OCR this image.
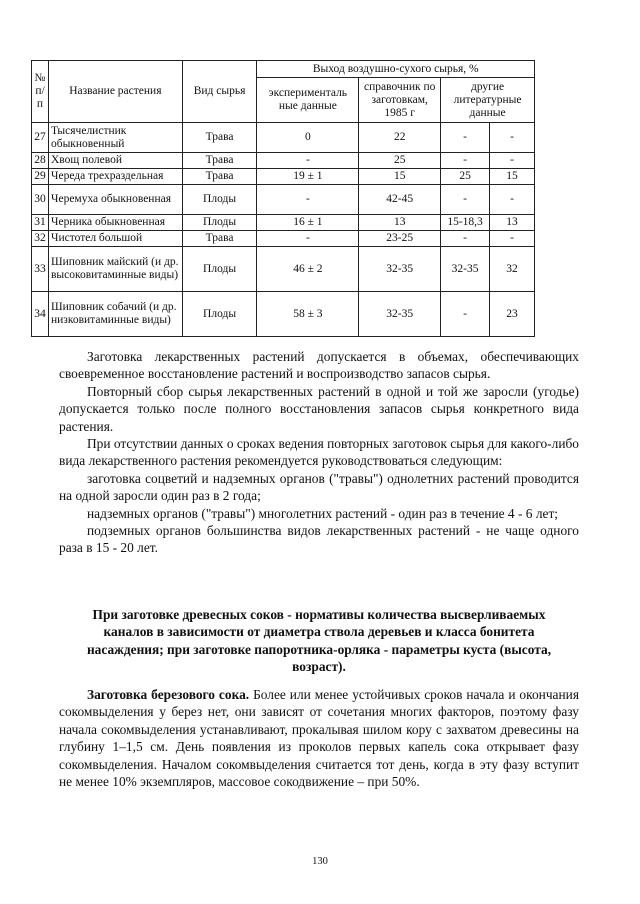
№ п/п	Название растения	Вид сырья	Выход воздушно-сухого сырья, %			
			эксперименталь ные данные	справочник по заготовкам, 1985 г	другие литературные данные	
27	Тысячелистник обыкновенный	Трава	0	22	-	-
28	Хвощ полевой	Трава	-	25	-	-
29	Череда трехраздельная	Трава	19 ± 1	15	25	15
30	Черемуха обыкновенная	Плоды	-	42-45	-	-
31	Черника обыкновенная	Плоды	16 ± 1	13	15-18,3	13
32	Чистотел большой	Трава	-	23-25	-	-
33	Шиповник майский (и др. высоковитаминные виды)	Плоды	46 ± 2	32-35	32-35	32
34	Шиповник собачий (и др. низковитаминные виды)	Плоды	58 ± 3	32-35	-	23

Заготовка лекарственных растений допускается в объемах, обеспечивающих своевременное восстановление растений и воспроизводство запасов сырья.

Повторный сбор сырья лекарственных растений в одной и той же заросли (угодье) допускается только после полного восстановления запасов сырья конкретного вида растения.

При отсутствии данных о сроках ведения повторных заготовок сырья для какого-либо вида лекарственного растения рекомендуется руководствоваться следующим:

заготовка соцветий и надземных органов ("травы") однолетних растений проводится на одной заросли один раз в 2 года;

надземных органов ("травы") многолетних растений - один раз в течение 4 - 6 лет;

подземных органов большинства видов лекарственных растений - не чаще одного раза в 15 - 20 лет.

При заготовке древесных соков - нормативы количества высверливаемых

каналов в зависимости от диаметра ствола деревьев и класса бонитета

насаждения; при заготовке папоротника-орляка - параметры куста (высота,

возраст).

Заготовка березового сока. Более или менее устойчивых сроков начала и окончания сокомвыделения у берез нет, они зависят от сочетания многих факторов, поэтому фазу начала сокомвыделения устанавливают, прокалывая шилом кору с захватом древесины на глубину 1–1,5 см. День появления из проколов первых капель сока открывает фазу сокомвыделения. Началом сокомвыделения считается тот день, когда в эту фазу вступит не менее 10% экземпляров, массовое сокодвижение – при 50%.

130
